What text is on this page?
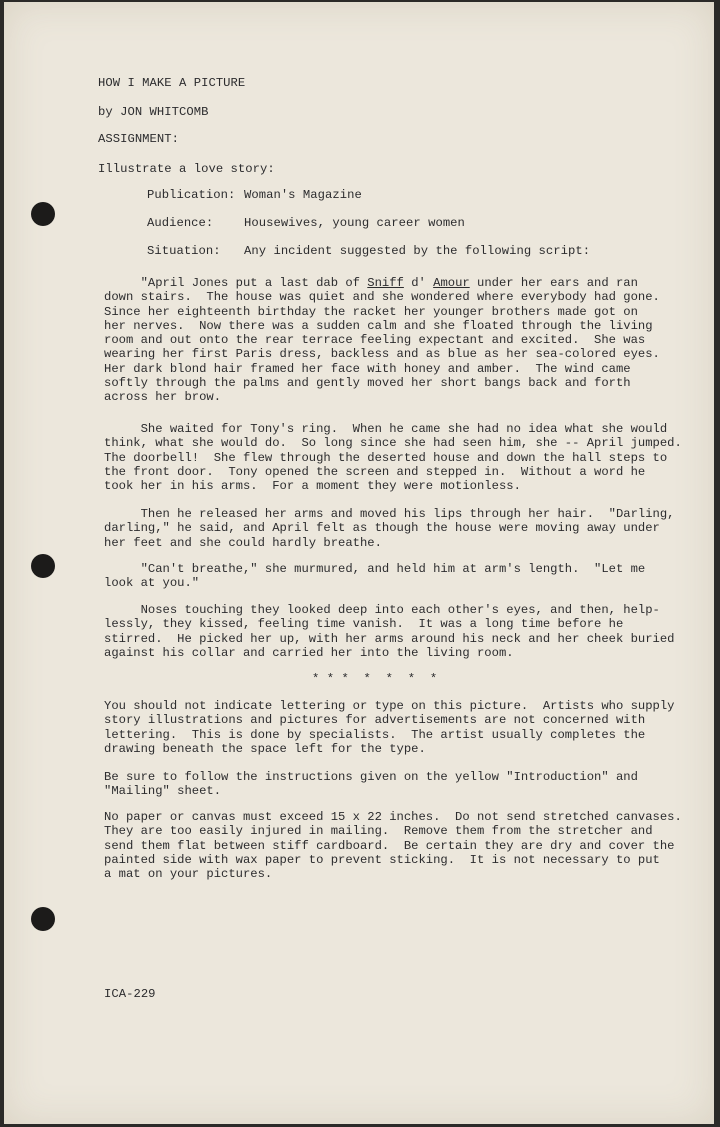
HOW I MAKE A PICTURE
by JON WHITCOMB
ASSIGNMENT:
Illustrate a love story:
Publication: Woman's Magazine
Audience:	Housewives, young career women
Situation: Any incident suggested by the following script:
"April Jones put a last dab of Sniff d' Amour under her ears and ran
down stairs.  The house was quiet and she wondered where everybody had gone.
Since her eighteenth birthday the racket her younger brothers made got on
her nerves.  Now there was a sudden calm and she floated through the living
room and out onto the rear terrace feeling expectant and excited.  She was
wearing her first Paris dress, backless and as blue as her sea-colored eyes.
Her dark blond hair framed her face with honey and amber.  The wind came
softly through the palms and gently moved her short bangs back and forth
across her brow.
She waited for Tony's ring.  When he came she had no idea what she would
think, what she would do.  So long since she had seen him, she -- April jumped.
The doorbell!  She flew through the deserted house and down the hall steps to
the front door.  Tony opened the screen and stepped in.  Without a word he
took her in his arms.  For a moment they were motionless.
Then he released her arms and moved his lips through her hair.  "Darling,
darling," he said, and April felt as though the house were moving away under
her feet and she could hardly breathe.
"Can't breathe," she murmured, and held him at arm's length.  "Let me
look at you."
Noses touching they looked deep into each other's eyes, and then, help-
lessly, they kissed, feeling time vanish.  It was a long time before he
stirred.  He picked her up, with her arms around his neck and her cheek buried
against his collar and carried her into the living room.
* * *  *  *  *  *
You should not indicate lettering or type on this picture.  Artists who supply
story illustrations and pictures for advertisements are not concerned with
lettering.  This is done by specialists.  The artist usually completes the
drawing beneath the space left for the type.
Be sure to follow the instructions given on the yellow "Introduction" and
"Mailing" sheet.
No paper or canvas must exceed 15 x 22 inches.  Do not send stretched canvases.
They are too easily injured in mailing.  Remove them from the stretcher and
send them flat between stiff cardboard.  Be certain they are dry and cover the
painted side with wax paper to prevent sticking.  It is not necessary to put
a mat on your pictures.
ICA-229
